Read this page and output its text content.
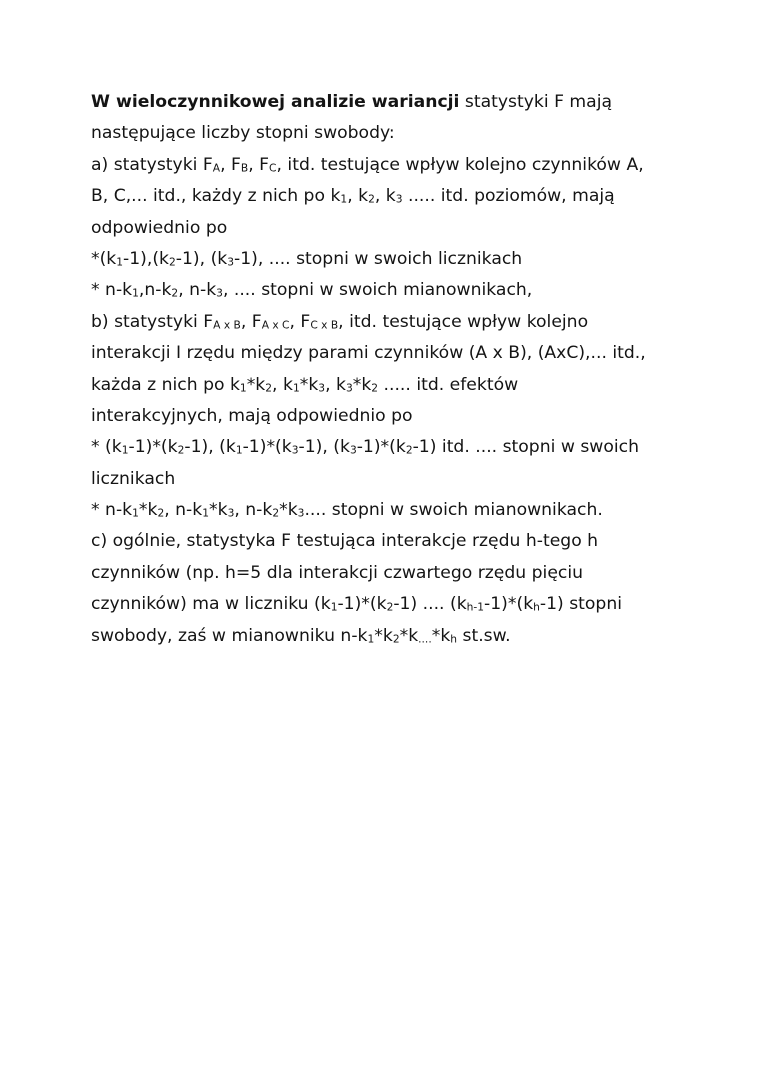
W wieloczynnikowej analizie wariancji statystyki F mają
następujące liczby stopni swobody:
a) statystyki $F_A$, $F_B$, $F_C$, itd. testujące wpływ kolejno czynników A,
B, C,... itd., każdy z nich po $k_1$, $k_2$, $k_3$ ..... itd. poziomów, mają
odpowiednio po
$*(k_1-1),(k_2-1)$, $(k_3-1)$, .... stopni w swoich licznikach
* $n-k_1,n-k_2$, $n-k_3$, .... stopni w swoich mianownikach,
b) statystyki $F_{A x B}$, $F_{A x C}$, $F_{C x B}$, itd. testujące wpływ kolejno
interakcji I rzędu między parami czynników (A x B), (AxC),... itd.,
każda z nich po $k_1*k_2$, $k_1*k_3$, $k_3*k_2$ ..... itd. efektów
interakcyjnych, mają odpowiednio po
* $(k_1-1)*(k_2-1)$, $(k_1-1)*(k_3-1)$, $(k_3-1)*(k_2-1)$ itd. .... stopni w swoich
licznikach
* $n-k_1*k_2$, $n-k_1*k_3$, $n-k_2*k_3$.... stopni w swoich mianownikach.
c) ogólnie, statystyka F testująca interakcje rzędu h-tego h
czynników (np. h=5 dla interakcji czwartego rzędu pięciu
czynników) ma w liczniku $(k_1-1)*(k_2-1)$ .... $(k_{h-1}-1)*(k_h-1)$ stopni
swobody, zaś w mianowniku $n-k_1*k_2*k_{....}*k_h$ st.sw.
